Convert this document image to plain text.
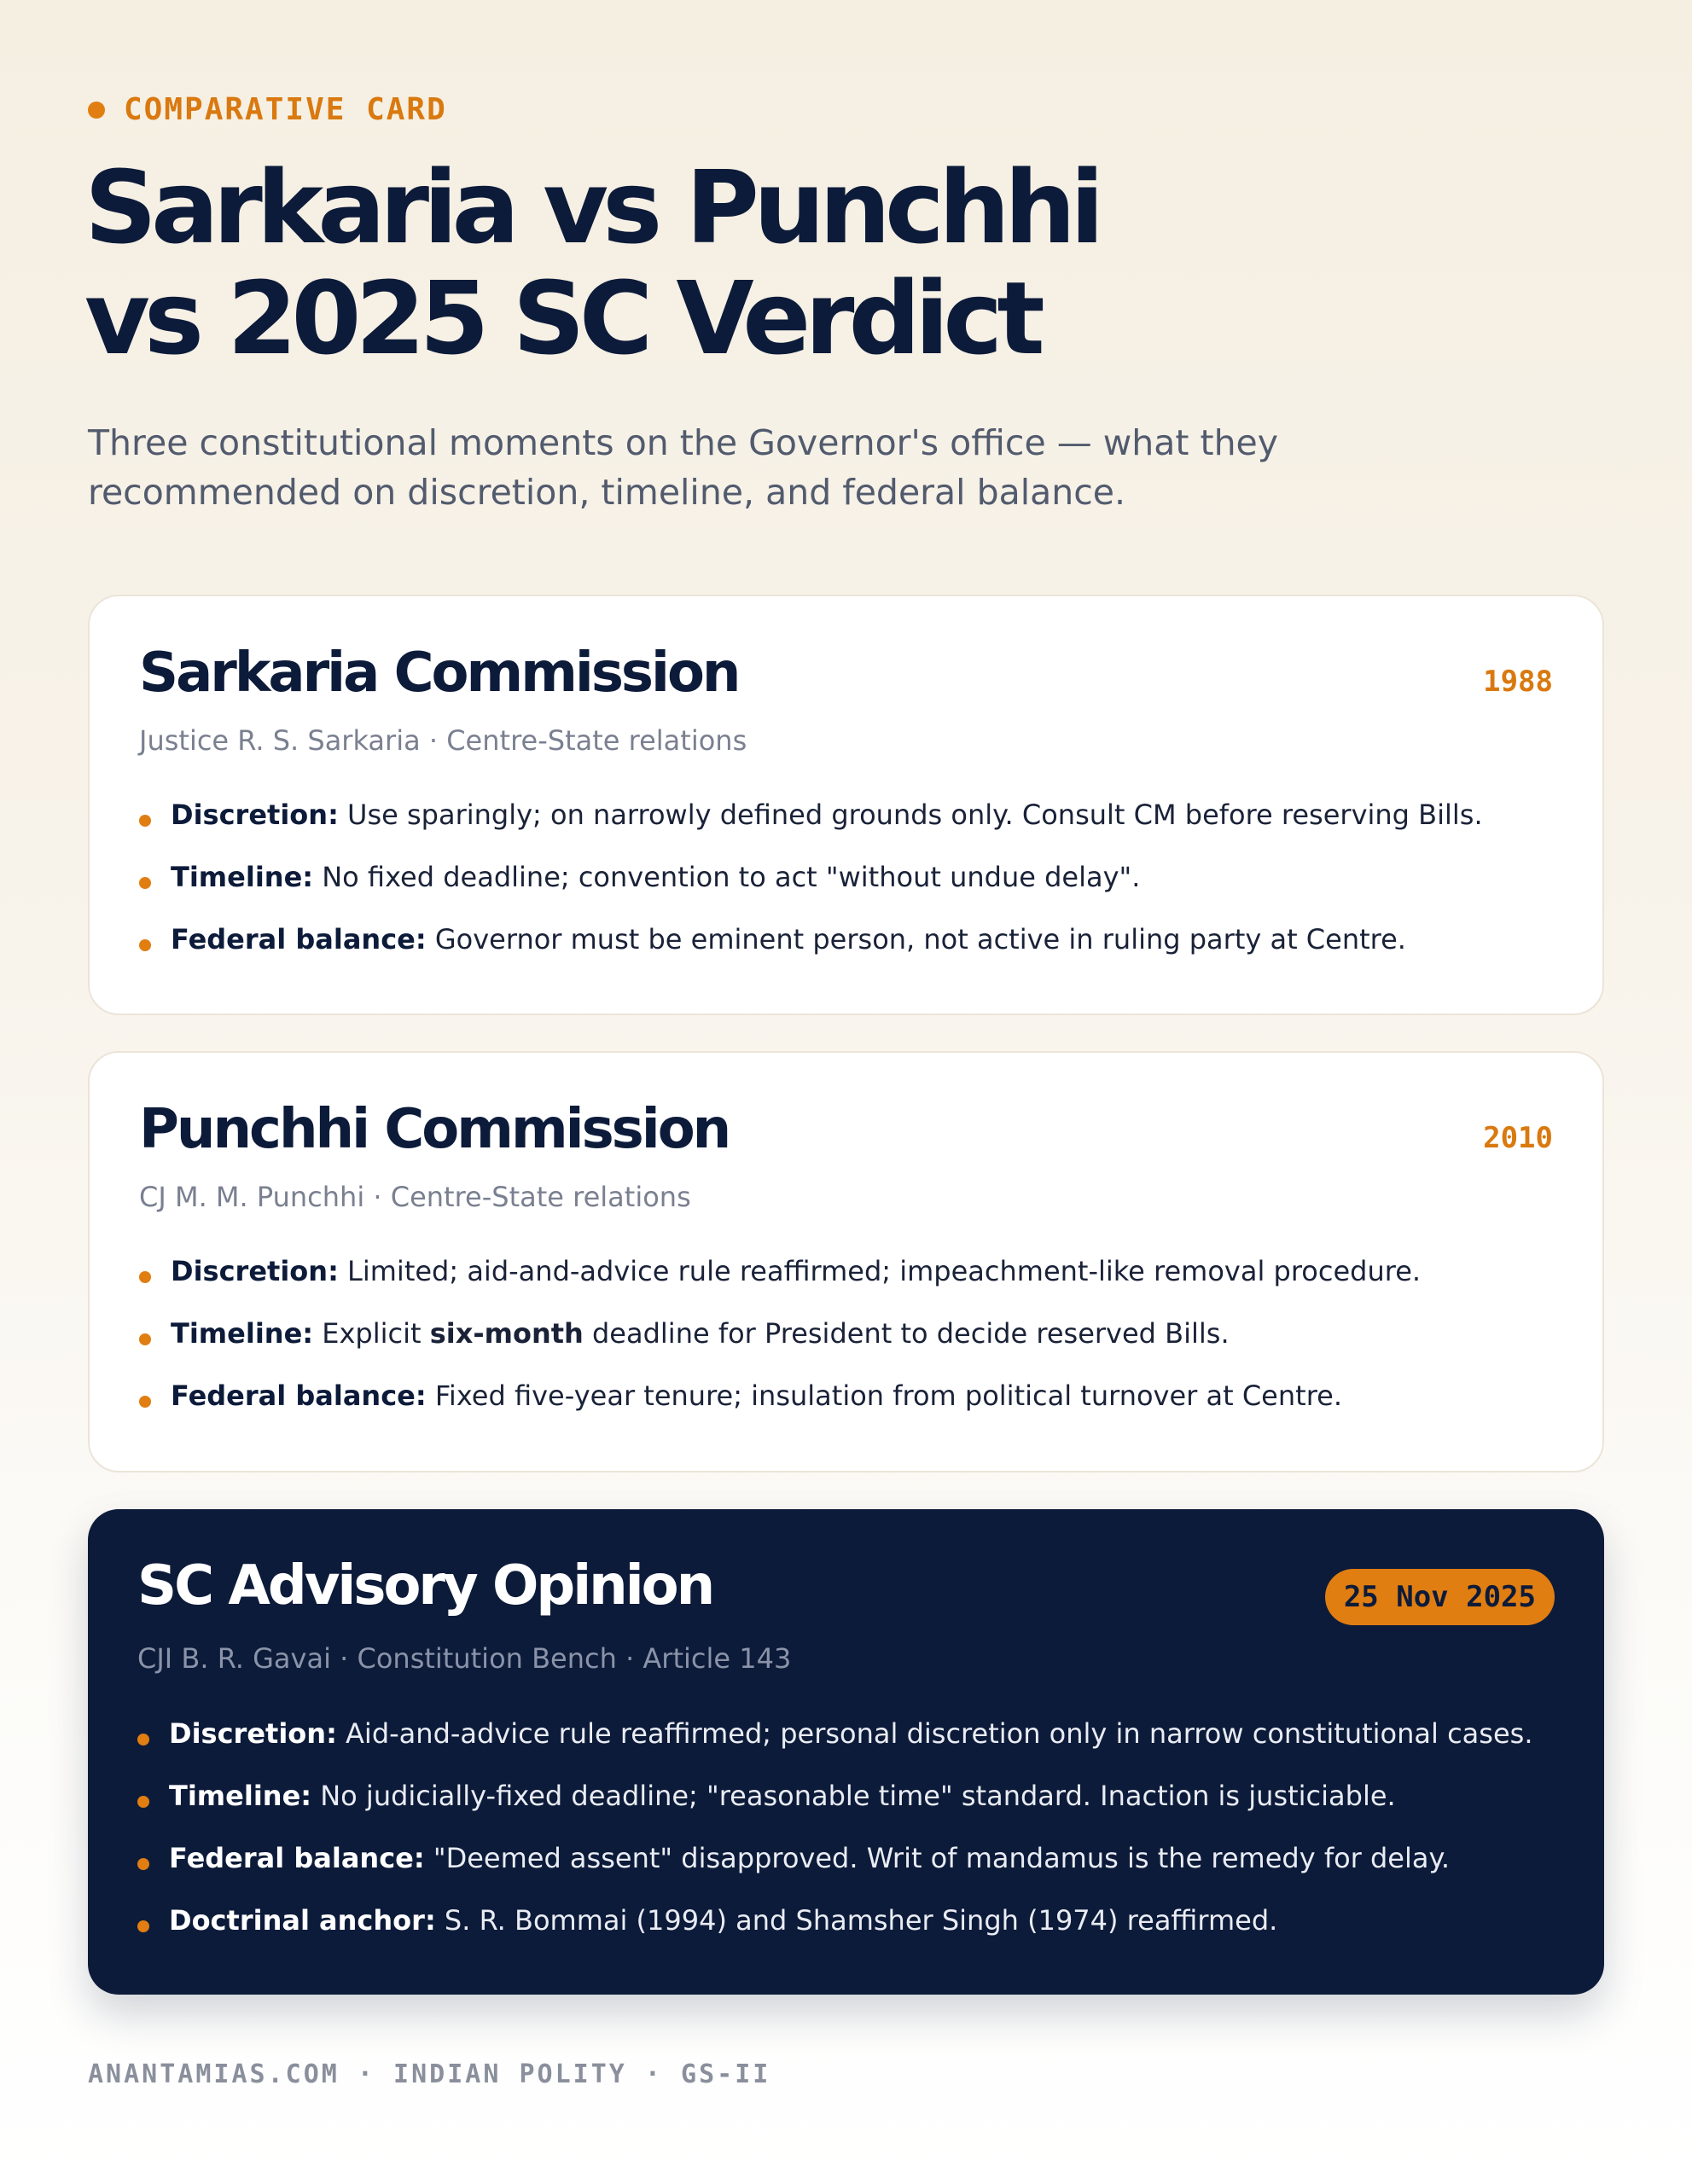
COMPARATIVE CARD
Sarkaria vs Punchhi
vs 2025 SC Verdict

Three constitutional moments on the Governor's office — what they recommended on discretion, timeline, and federal balance.

Sarkaria Commission	1988

Justice R. S. Sarkaria · Centre-State relations

Discretion: Use sparingly; on narrowly defined grounds only. Consult CM before reserving Bills.
Timeline: No fixed deadline; convention to act "without undue delay".
Federal balance: Governor must be eminent person, not active in ruling party at Centre.
Punchhi Commission	2010

CJ M. M. Punchhi · Centre-State relations

Discretion: Limited; aid-and-advice rule reaffirmed; impeachment-like removal procedure.
Timeline: Explicit six-month deadline for President to decide reserved Bills.
Federal balance: Fixed five-year tenure; insulation from political turnover at Centre.
SC Advisory Opinion	25 Nov 2025

CJI B. R. Gavai · Constitution Bench · Article 143

Discretion: Aid-and-advice rule reaffirmed; personal discretion only in narrow constitutional cases.
Timeline: No judicially-fixed deadline; "reasonable time" standard. Inaction is justiciable.
Federal balance: "Deemed assent" disapproved. Writ of mandamus is the remedy for delay.
Doctrinal anchor: S. R. Bommai (1994) and Shamsher Singh (1974) reaffirmed.
ANANTAMIAS.COM · INDIAN POLITY · GS-II
